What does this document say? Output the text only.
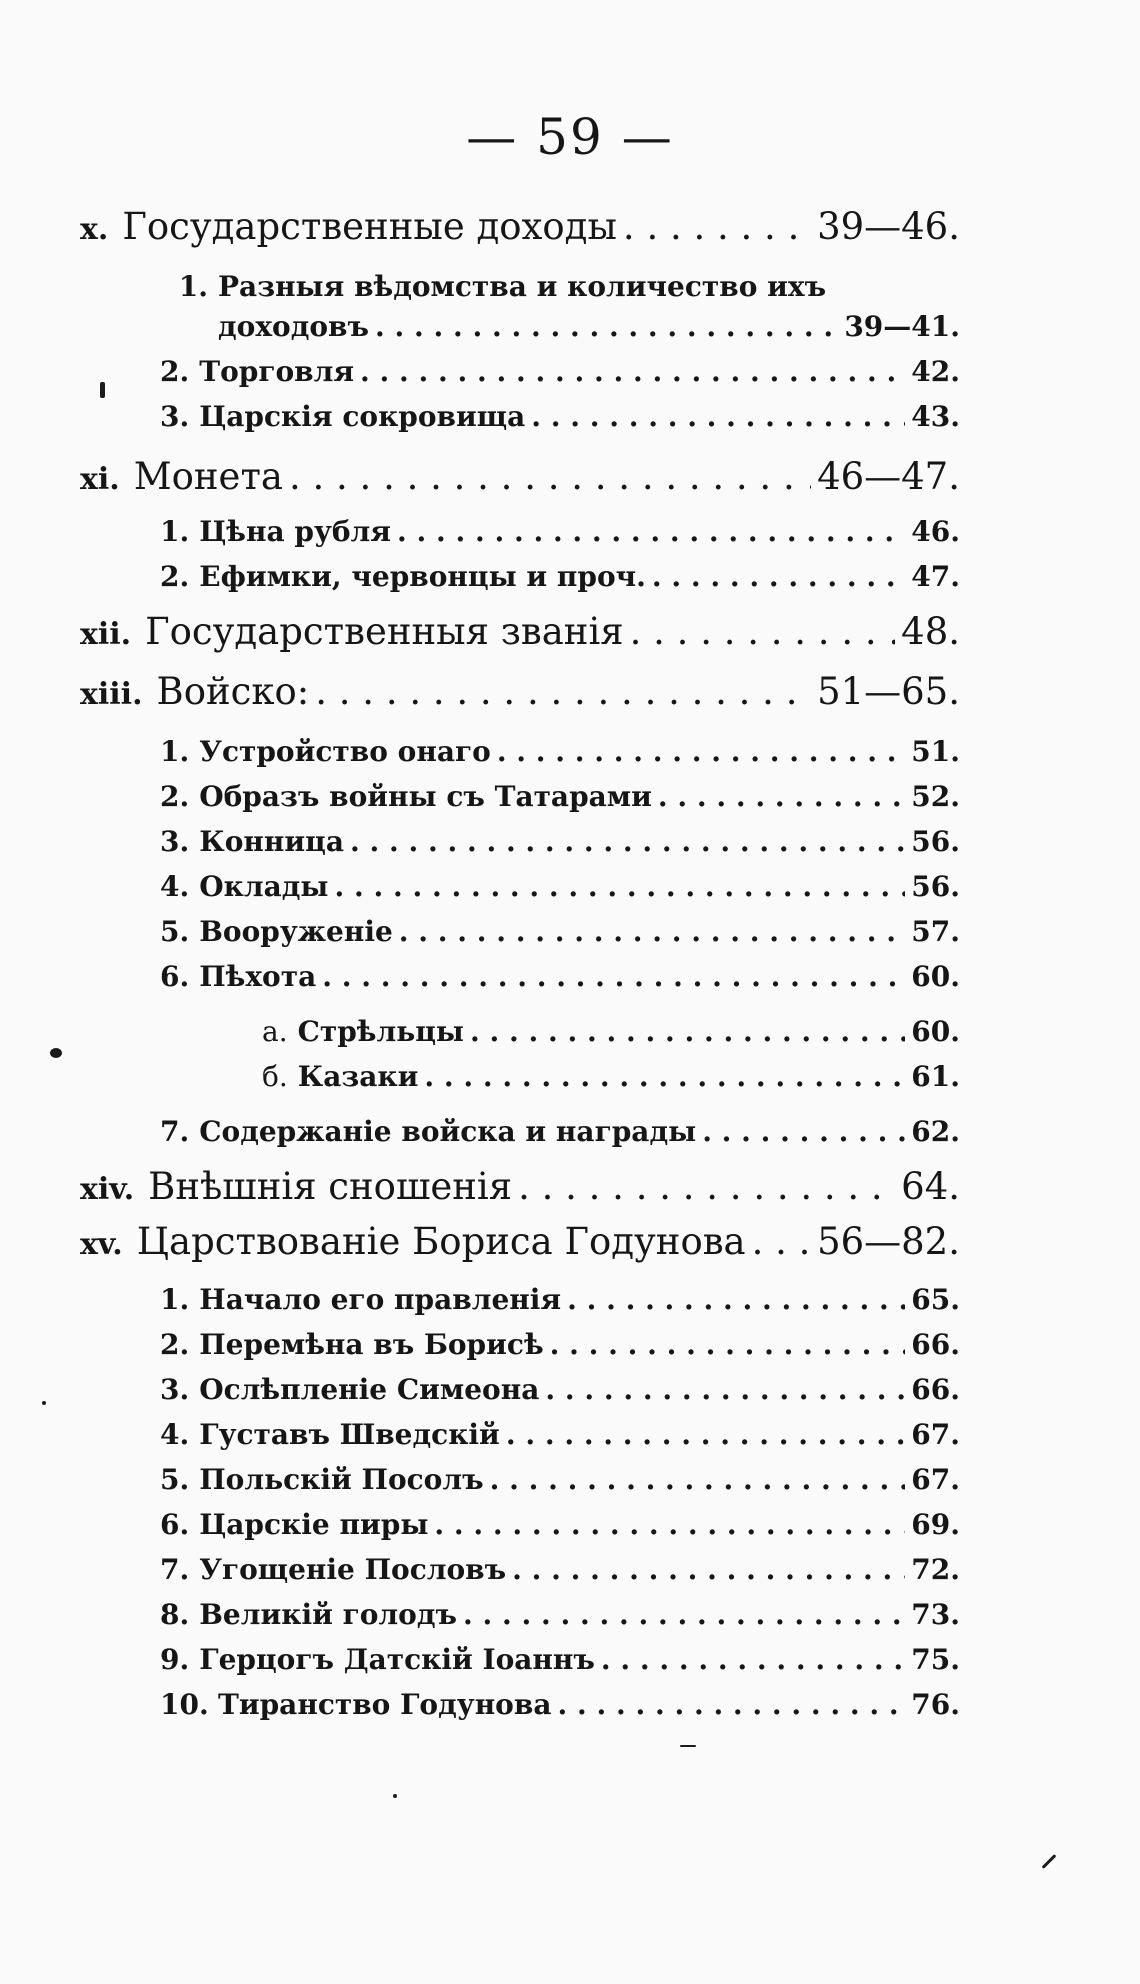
— 59 —
x. Государственные доходы . . .	39—46.
1. Разныя вѣдомства и количество ихъ
доходовъ . . .	39—41.
2. Торговля . . .	42.
3. Царскія сокровища . . .	43.
xi. Монета . . .	46—47.
1. Цѣна рубля . . .	46.
2. Ефимки, червонцы и проч. . . .	47.
xii. Государственныя званія . . .	48.
xiii. Войско: . . .	51—65.
1. Устройство онаго . . .	51.
2. Образъ войны съ Татарами . . .	52.
3. Конница . . .	56.
4. Оклады . . .	56.
5. Вооруженіе . . .	57.
6. Пѣхота . . .	60.
а. Стрѣльцы . . .	60.
б. Казаки . . .	61.
7. Содержаніе войска и награды . . .	62.
xiv. Внѣшнія сношенія . . .	64.
xv. Царствованіе Бориса Годунова . . . 56—82.
1. Начало его правленія . . .	65.
2. Перемѣна въ Борисѣ . . .	66.
3. Ослѣпленіе Симеона . . .	66.
4. Густавъ Шведскій . . .	67.
5. Польскій Посолъ . . .	67.
6. Царскіе пиры . . .	69.
7. Угощеніе Пословъ . . .	72.
8. Великій голодъ . . .	73.
9. Герцогъ Датскій Іоаннъ . . .	75.
10. Тиранство Годунова . . .	76.
